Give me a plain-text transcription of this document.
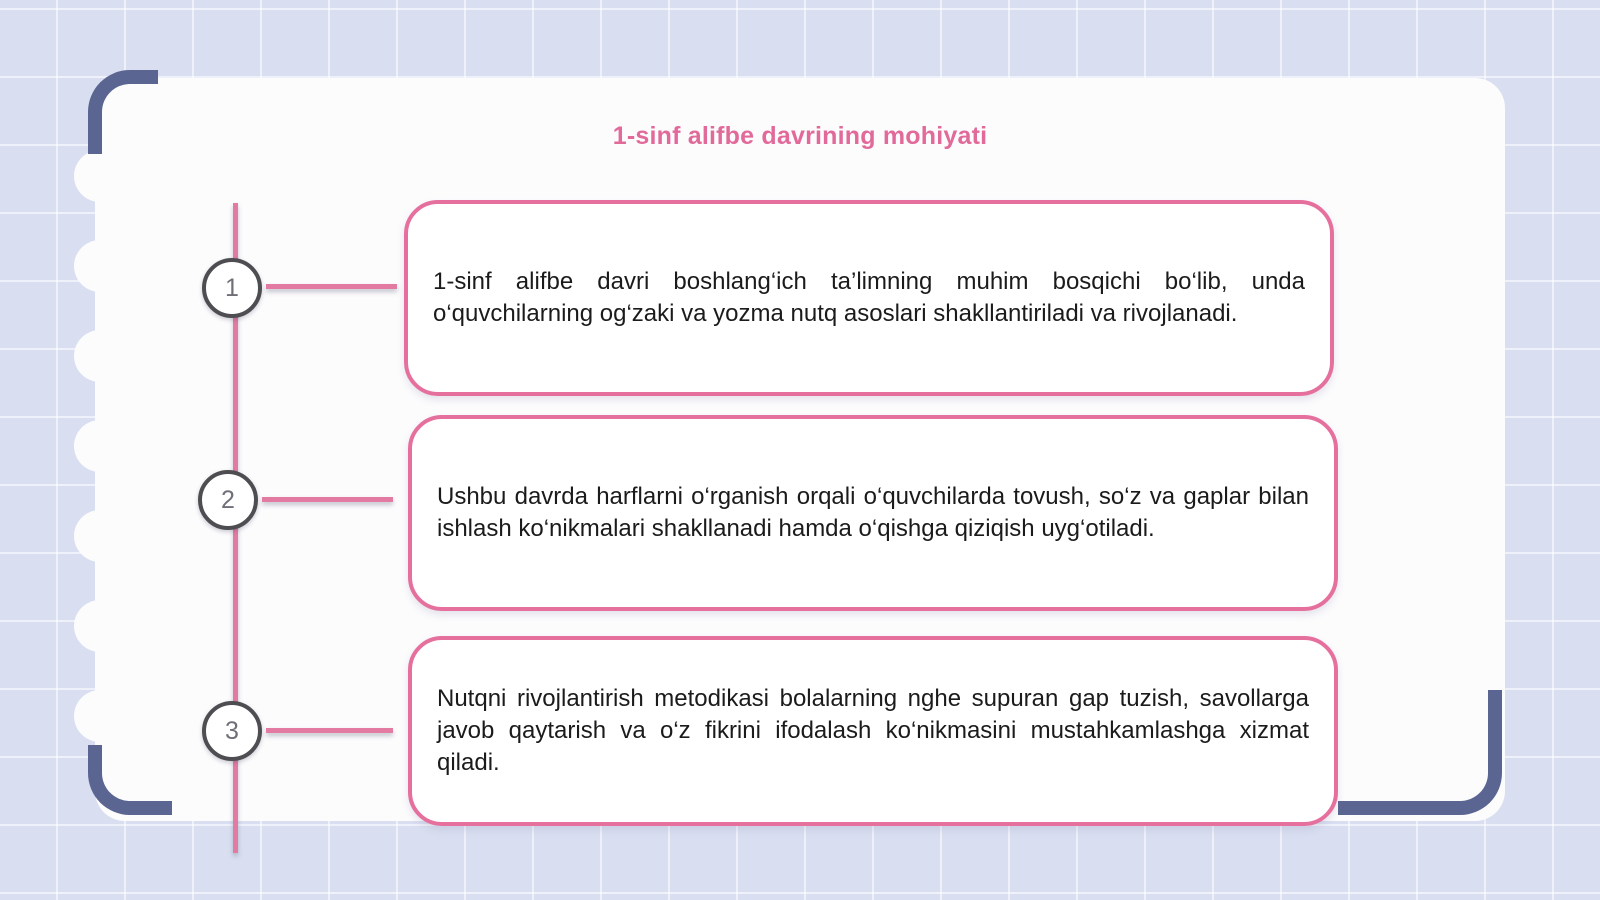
1-sinf alifbe davrining mohiyati
1
2
3

1-sinf alifbe davri boshlang‘ich ta’limning muhim bosqichi bo‘lib, unda o‘quvchilarning og‘zaki va yozma nutq asoslari shakllantiriladi va rivojlanadi.

Ushbu davrda harflarni o‘rganish orqali o‘quvchilarda tovush, so‘z va gaplar bilan ishlash ko‘nikmalari shakllanadi hamda o‘qishga qiziqish uyg‘otiladi.

Nutqni rivojlantirish metodikasi bolalarning nghe supuran gap tuzish, savollarga javob qaytarish va o‘z fikrini ifodalash ko‘nikmasini mustahkamlashga xizmat qiladi.
